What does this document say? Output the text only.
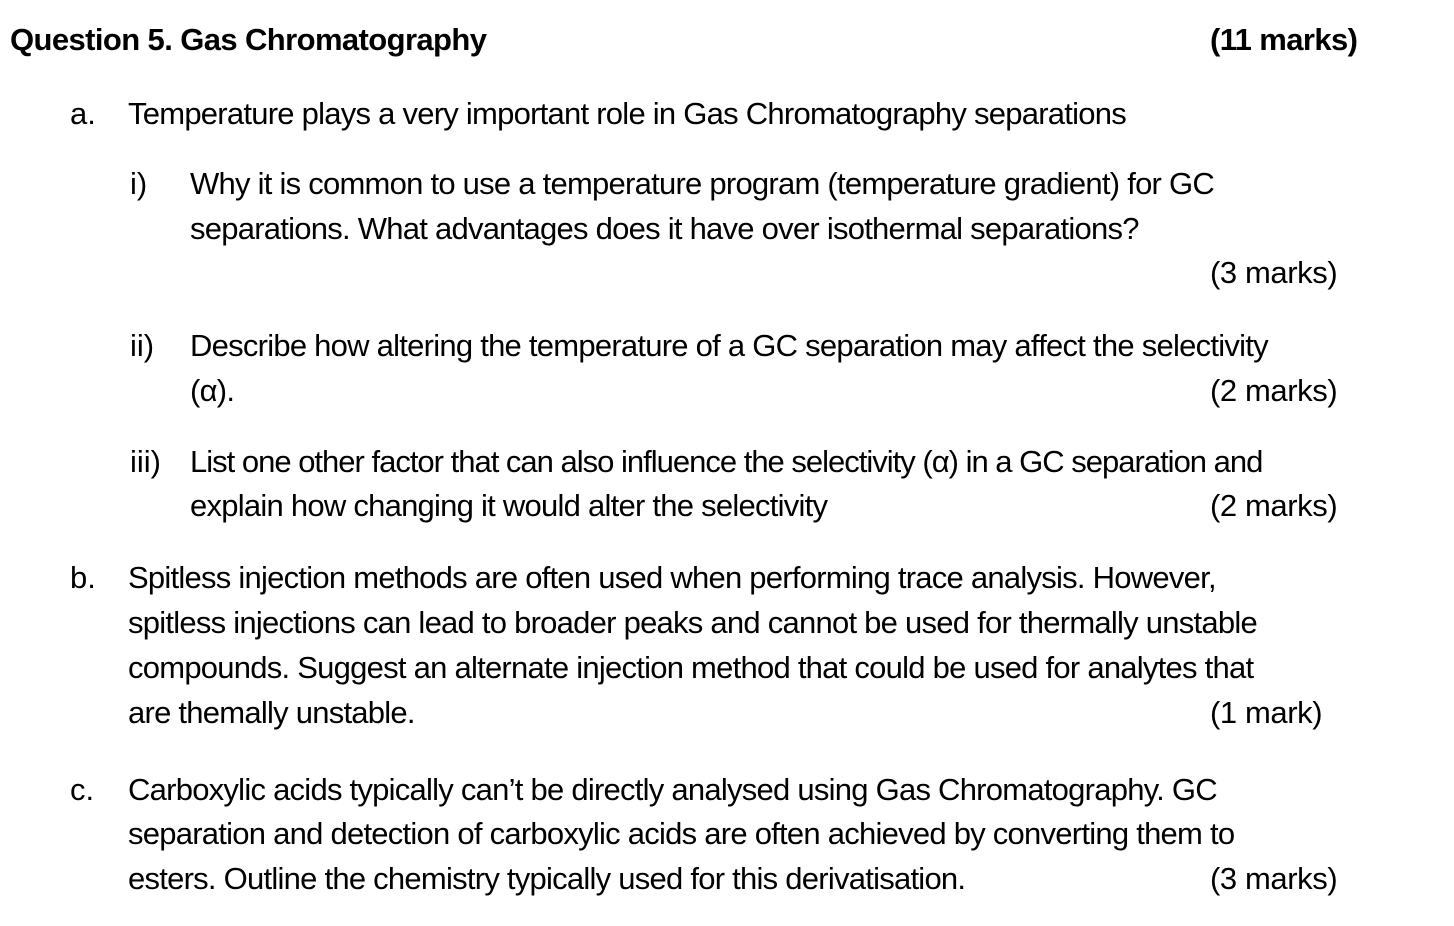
Question 5. Gas Chromatography	(11 marks)
a. Temperature plays a very important role in Gas Chromatography separations
i) Why it is common to use a temperature program (temperature gradient) for GC
separations. What advantages does it have over isothermal separations?
(3 marks)
ii) Describe how altering the temperature of a GC separation may affect the selectivity
(α).	(2 marks)
iii) List one other factor that can also influence the selectivity (α) in a GC separation and
explain how changing it would alter the selectivity	(2 marks)
b. Spitless injection methods are often used when performing trace analysis. However,
spitless injections can lead to broader peaks and cannot be used for thermally unstable
compounds. Suggest an alternate injection method that could be used for analytes that
are themally unstable.	(1 mark)
c. Carboxylic acids typically can’t be directly analysed using Gas Chromatography. GC
separation and detection of carboxylic acids are often achieved by converting them to
esters. Outline the chemistry typically used for this derivatisation.	(3 marks)
